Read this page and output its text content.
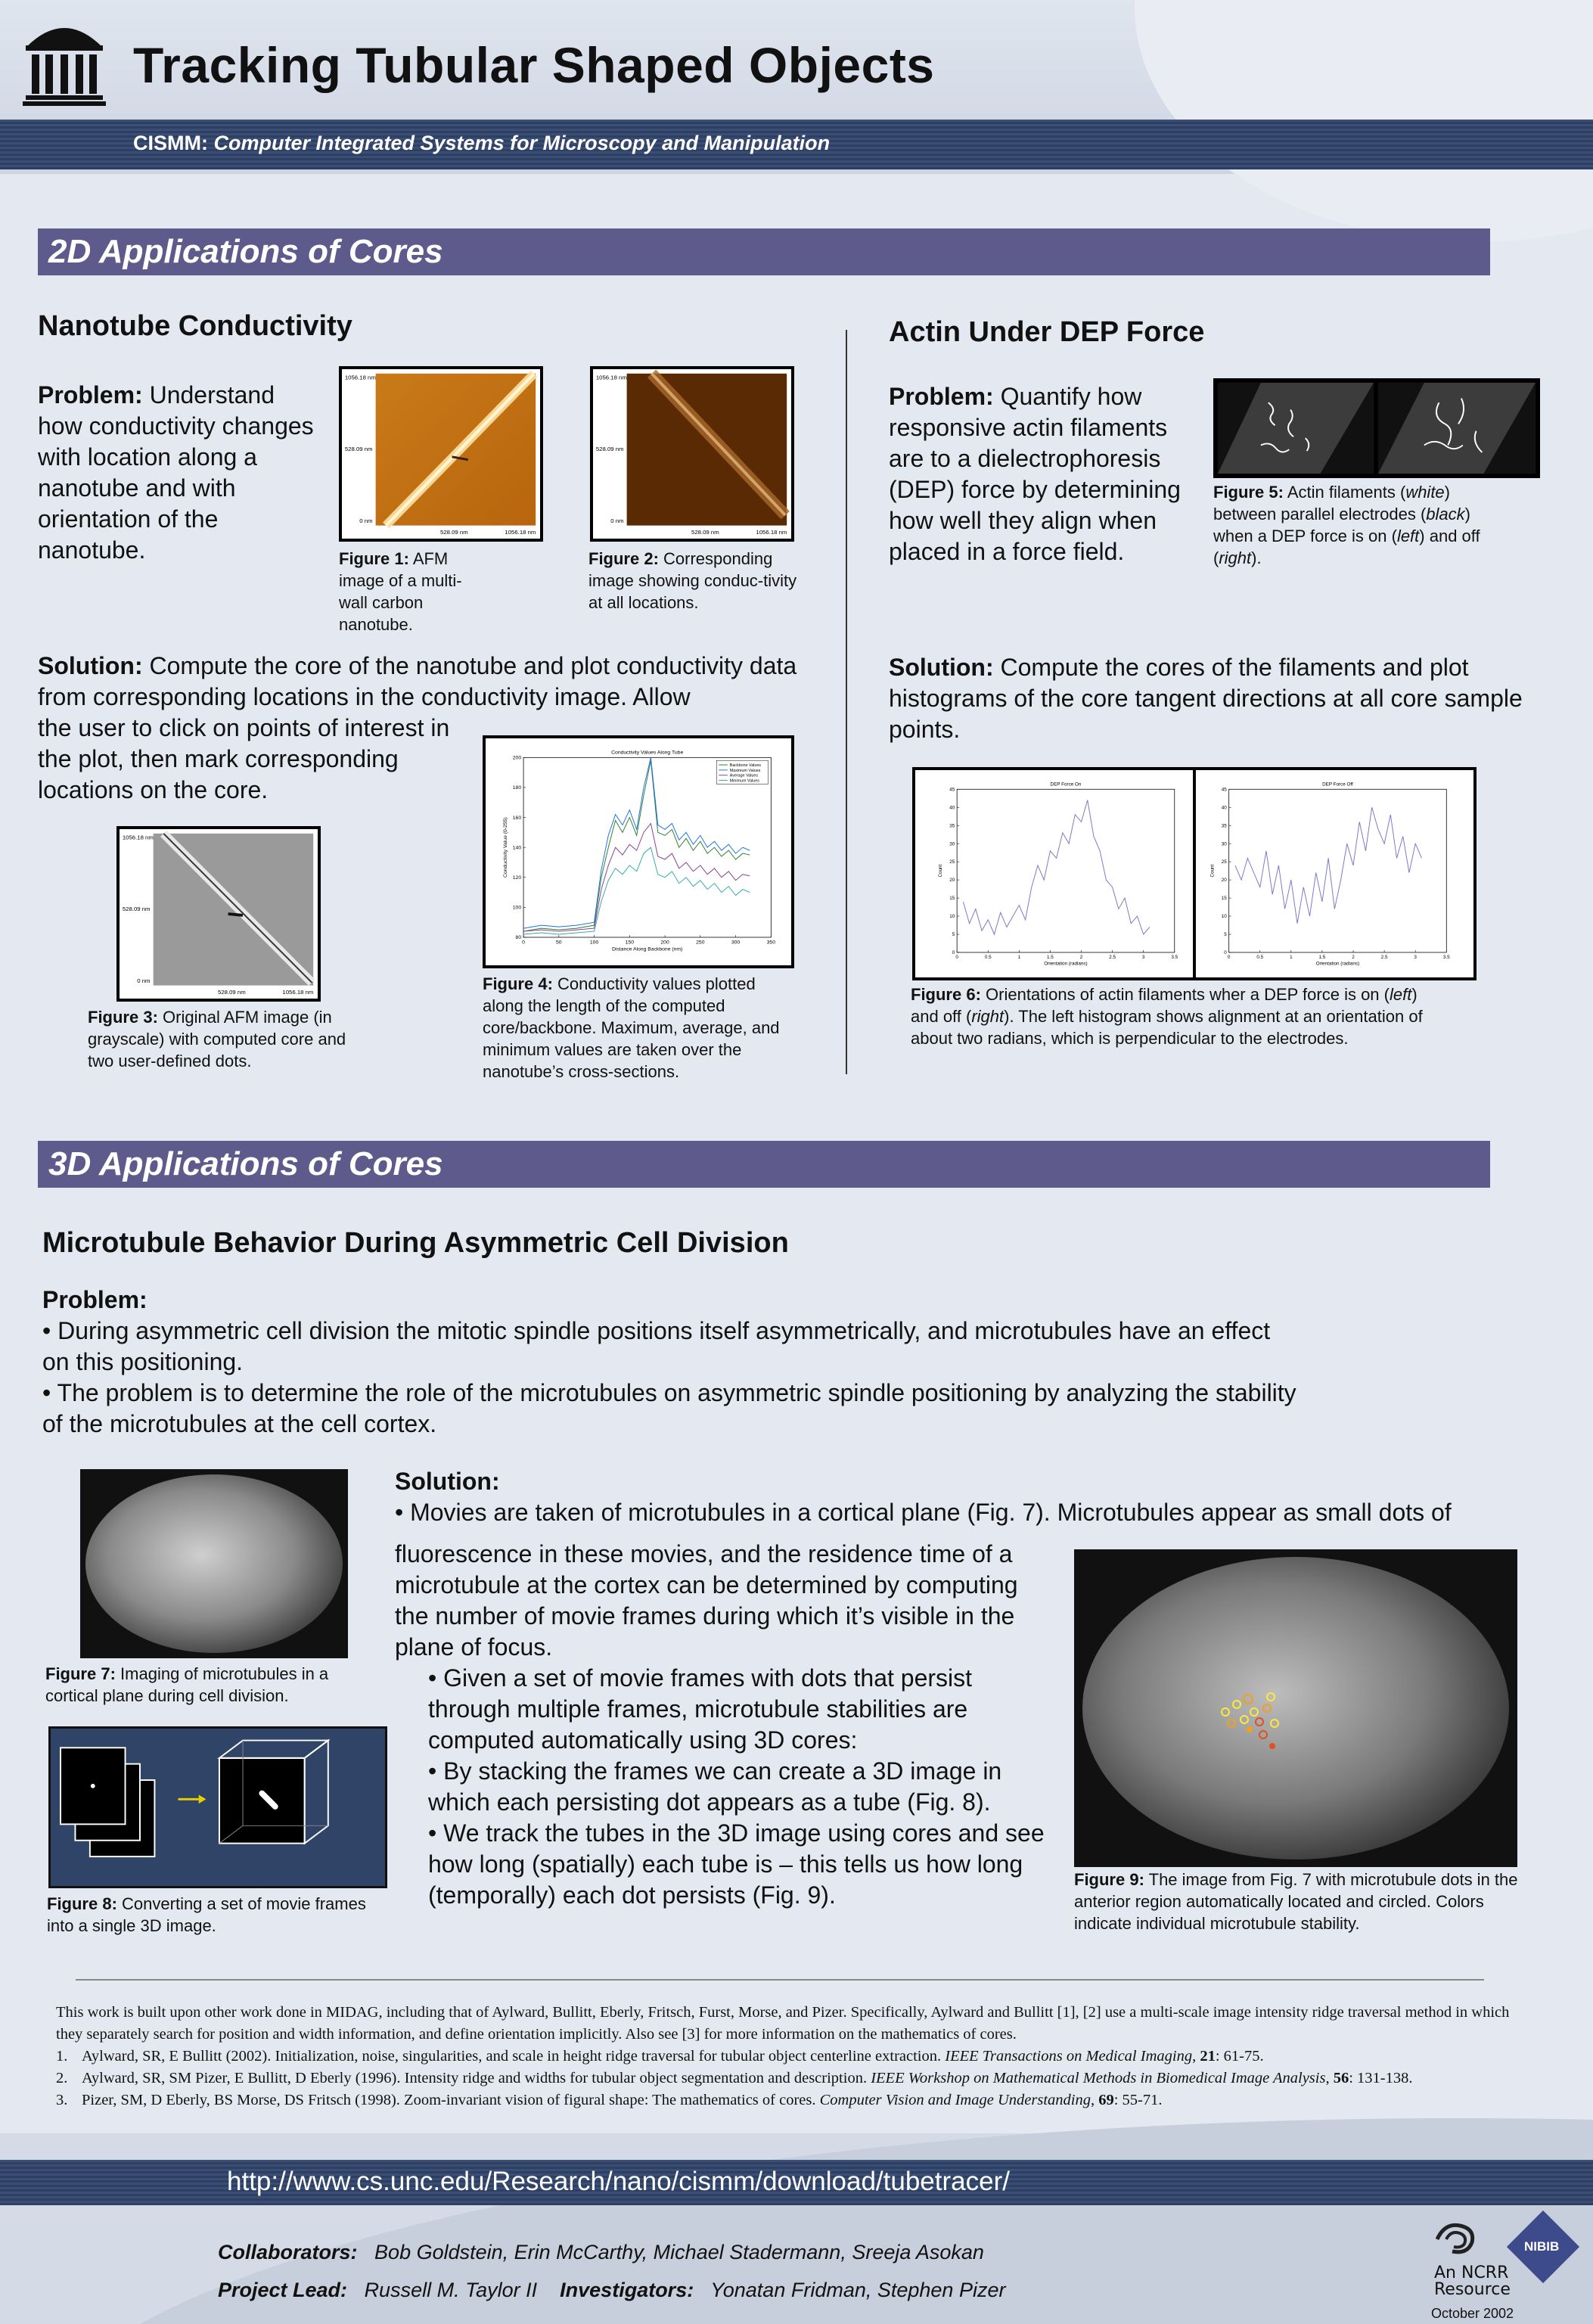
Tracking Tubular Shaped Objects
CISMM: Computer Integrated Systems for Microscopy and Manipulation
2D Applications of Cores
Nanotube Conductivity
Problem: Understand how conductivity changes with location along a nanotube and with orientation of the nanotube.
1056.18 nm
528.09 nm
0 nm
528.09 nm	1056.18 nm
Figure 1: AFM image of a multi-wall carbon nanotube.
1056.18 nm
528.09 nm
0 nm
528.09 nm	1056.18 nm
Figure 2: Corresponding image showing conduc-tivity at all locations.
Solution: Compute the core of the nanotube and plot conductivity data from corresponding locations in the conductivity image. Allow
the user to click on points of interest in the plot, then mark corresponding locations on the core.
1056.18 nm
528.09 nm
0 nm
528.09 nm	1056.18 nm
Figure 3: Original AFM image (in grayscale) with computed core and two user-defined dots.
Conductivity Values Along Tube
0	50	100	150	200	250	300	350
80
100
120
140
160
180
200
Distance Along Backbone (nm)
Conductivity Value (0-255)
Backbone Values
Maximum Values
Average Values
Minimum Values
Figure 4: Conductivity values plotted along the length of the computed core/backbone. Maximum, average, and minimum values are taken over the nanotube’s cross-sections.
Actin Under DEP Force
Problem: Quantify how responsive actin filaments are to a dielectrophoresis (DEP) force by determining how well they align when placed in a force field.
Figure 5: Actin filaments (white) between parallel electrodes (black) when a DEP force is on (left) and off (right).
Solution: Compute the cores of the filaments and plot histograms of the core tangent directions at all core sample points.
DEP Force On
0	0.5	1	1.5	2	2.5	3	3.5
0
5
10
15
20
25
30
35
40
45
Orientation (radians)
Count
DEP Force Off
0	0.5	1	1.5	2	2.5	3	3.5
0
5
10
15
20
25
30
35
40
45
Orientation (radians)
Count
Figure 6: Orientations of actin filaments wher a DEP force is on (left) and off (right). The left histogram shows alignment at an orientation of about two radians, which is perpendicular to the electrodes.
3D Applications of Cores
Microtubule Behavior During Asymmetric Cell Division
Problem:
• During asymmetric cell division the mitotic spindle positions itself asymmetrically, and microtubules have an effect on this positioning.
• The problem is to determine the role of the microtubules on asymmetric spindle positioning by analyzing the stability of the microtubules at the cell cortex.
Figure 7: Imaging of microtubules in a cortical plane during cell division.
Figure 8: Converting a set of movie frames into a single 3D image.
Solution:
• Movies are taken of microtubules in a cortical plane (Fig. 7). Microtubules appear as small dots of
fluorescence in these movies, and the residence time of a microtubule at the cortex can be determined by computing the number of movie frames during which it’s visible in the plane of focus.
• Given a set of movie frames with dots that persist through multiple frames, microtubule stabilities are computed automatically using 3D cores:
• By stacking the frames we can create a 3D image in which each persisting dot appears as a tube (Fig. 8).
• We track the tubes in the 3D image using cores and see how long (spatially) each tube is – this tells us how long (temporally) each dot persists (Fig. 9).
Figure 9: The image from Fig. 7 with microtubule dots in the anterior region automatically located and circled. Colors indicate individual microtubule stability.
This work is built upon other work done in MIDAG, including that of Aylward, Bullitt, Eberly, Fritsch, Furst, Morse, and Pizer. Specifically, Aylward and Bullitt [1], [2] use a multi-scale image intensity ridge traversal method in which they separately search for position and width information, and define orientation implicitly. Also see [3] for more information on the mathematics of cores.
1. Aylward, SR, E Bullitt (2002). Initialization, noise, singularities, and scale in height ridge traversal for tubular object centerline extraction. IEEE Transactions on Medical Imaging, 21: 61-75.
2. Aylward, SR, SM Pizer, E Bullitt, D Eberly (1996). Intensity ridge and widths for tubular object segmentation and description. IEEE Workshop on Mathematical Methods in Biomedical Image Analysis, 56: 131-138.
3. Pizer, SM, D Eberly, BS Morse, DS Fritsch (1998). Zoom-invariant vision of figural shape: The mathematics of cores. Computer Vision and Image Understanding, 69: 55-71.
http://www.cs.unc.edu/Research/nano/cismm/download/tubetracer/
Collaborators: Bob Goldstein, Erin McCarthy, Michael Stadermann, Sreeja Asokan
Project Lead: Russell M. Taylor II Investigators: Yonatan Fridman, Stephen Pizer
An NCRR
Resource
NIBIB
October 2002
